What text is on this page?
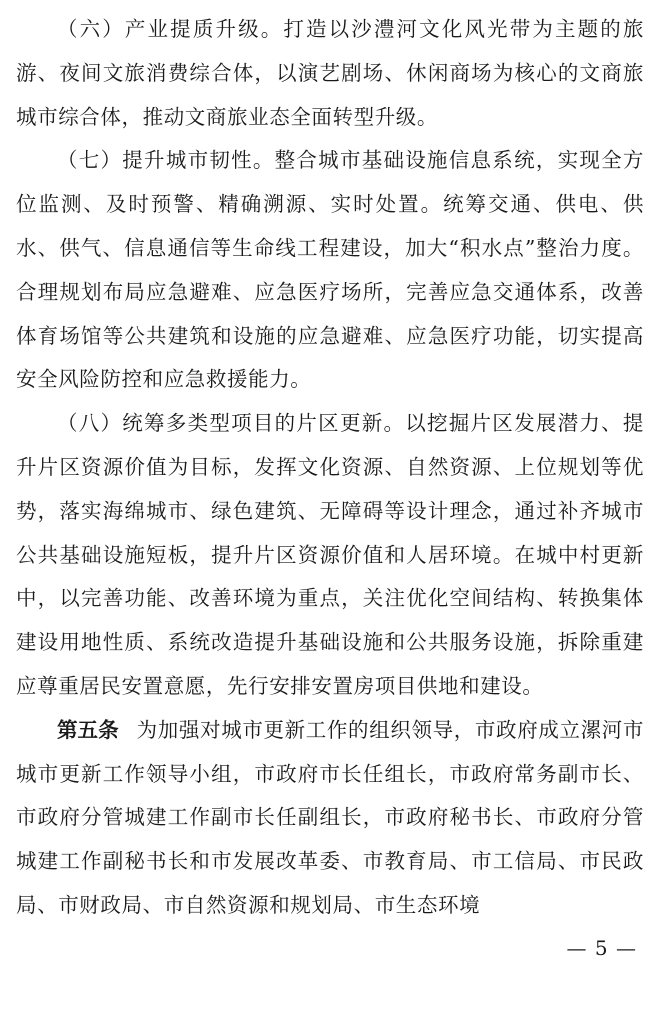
（六）产业提质升级。打造以沙澧河文化风光带为主题的旅游、夜间文旅消费综合体，以演艺剧场、休闲商场为核心的文商旅城市综合体，推动文商旅业态全面转型升级。

（七）提升城市韧性。整合城市基础设施信息系统，实现全方位监测、及时预警、精确溯源、实时处置。统筹交通、供电、供水、供气、信息通信等生命线工程建设，加大“积水点”整治力度。合理规划布局应急避难、应急医疗场所，完善应急交通体系，改善体育场馆等公共建筑和设施的应急避难、应急医疗功能，切实提高安全风险防控和应急救援能力。

（八）统筹多类型项目的片区更新。以挖掘片区发展潜力、提升片区资源价值为目标，发挥文化资源、自然资源、上位规划等优势，落实海绵城市、绿色建筑、无障碍等设计理念，通过补齐城市公共基础设施短板，提升片区资源价值和人居环境。在城中村更新中，以完善功能、改善环境为重点，关注优化空间结构、转换集体建设用地性质、系统改造提升基础设施和公共服务设施，拆除重建应尊重居民安置意愿，先行安排安置房项目供地和建设。

第五条 为加强对城市更新工作的组织领导，市政府成立漯河市城市更新工作领导小组，市政府市长任组长，市政府常务副市长、市政府分管城建工作副市长任副组长，市政府秘书长、市政府分管城建工作副秘书长和市发展改革委、市教育局、市工信局、市民政局、市财政局、市自然资源和规划局、市生态环境

— 5 —
